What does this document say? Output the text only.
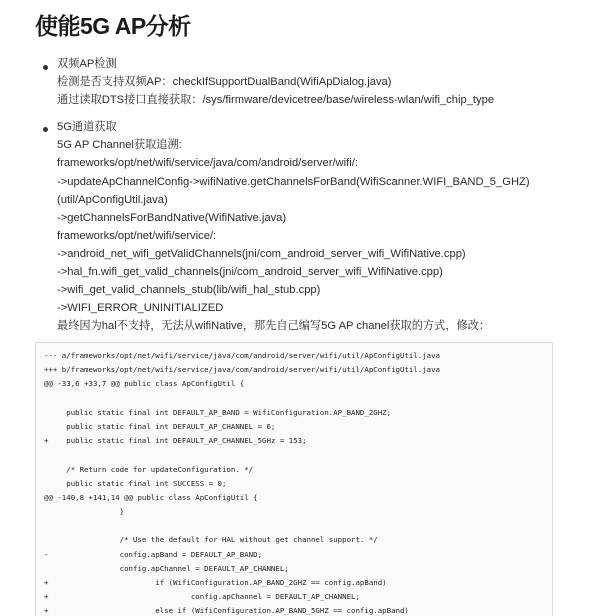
使能5G AP分析
双频AP检测
检测是否支持双频AP：checkIfSupportDualBand(WifiApDialog.java)
通过读取DTS接口直接获取：/sys/firmware/devicetree/base/wireless-wlan/wifi_chip_type
5G通道获取
5G AP Channel获取追溯:
frameworks/opt/net/wifi/service/java/com/android/server/wifi/:
->updateApChannelConfig->wifiNative.getChannelsForBand(WifiScanner.WIFI_BAND_5_GHZ)
(util/ApConfigUtil.java)
->getChannelsForBandNative(WifiNative.java)
frameworks/opt/net/wifi/service/:
->android_net_wifi_getValidChannels(jni/com_android_server_wifi_WifiNative.cpp)
->hal_fn.wifi_get_valid_channels(jni/com_android_server_wifi_WifiNative.cpp)
->wifi_get_valid_channels_stub(lib/wifi_hal_stub.cpp)
->WIFI_ERROR_UNINITIALIZED
最终因为hal不支持，无法从wifiNative，那先自己编写5G AP chanel获取的方式，修改：
--- a/frameworks/opt/net/wifi/service/java/com/android/server/wifi/util/ApConfigUtil.java
+++ b/frameworks/opt/net/wifi/service/java/com/android/server/wifi/util/ApConfigUtil.java
@@ -33,6 +33,7 @@ public class ApConfigUtil {
public static final int DEFAULT_AP_BAND = WifiConfiguration.AP_BAND_2GHZ;
public static final int DEFAULT_AP_CHANNEL = 6;
+    public static final int DEFAULT_AP_CHANNEL_5GHz = 153;
/* Return code for updateConfiguration. */
public static final int SUCCESS = 0;
@@ -140,8 +141,14 @@ public class ApConfigUtil {
}
/* Use the default for HAL without get channel support. */
-                config.apBand = DEFAULT_AP_BAND;
config.apChannel = DEFAULT_AP_CHANNEL;
+                        if (WifiConfiguration.AP_BAND_2GHZ == config.apBand)
+                                config.apChannel = DEFAULT_AP_CHANNEL;
+                        else if (WifiConfiguration.AP_BAND_5GHZ == config.apBand)
